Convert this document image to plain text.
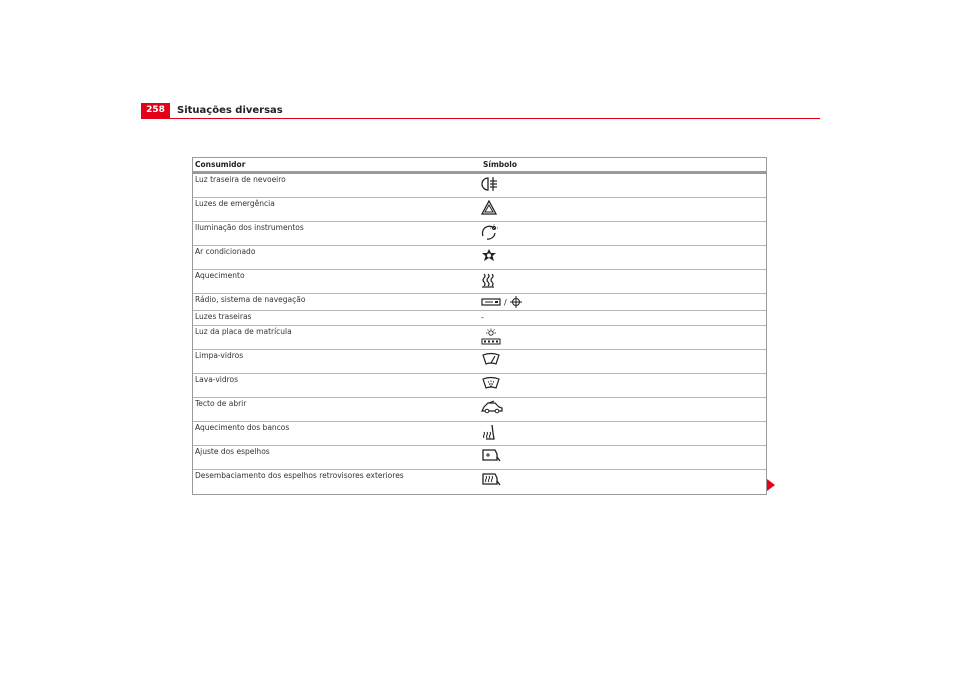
258	Situações diversas
Consumidor	Símbolo
Luz traseira de nevoeiro
Luzes de emergência
Iluminação dos instrumentos
Ar condicionado
Aquecimento
Rádio, sistema de navegação	/
Luzes traseiras	-
Luz da placa de matrícula
Limpa-vidros
Lava-vidros
Tecto de abrir
Aquecimento dos bancos
Ajuste dos espelhos
Desembaciamento dos espelhos retrovisores exteriores
